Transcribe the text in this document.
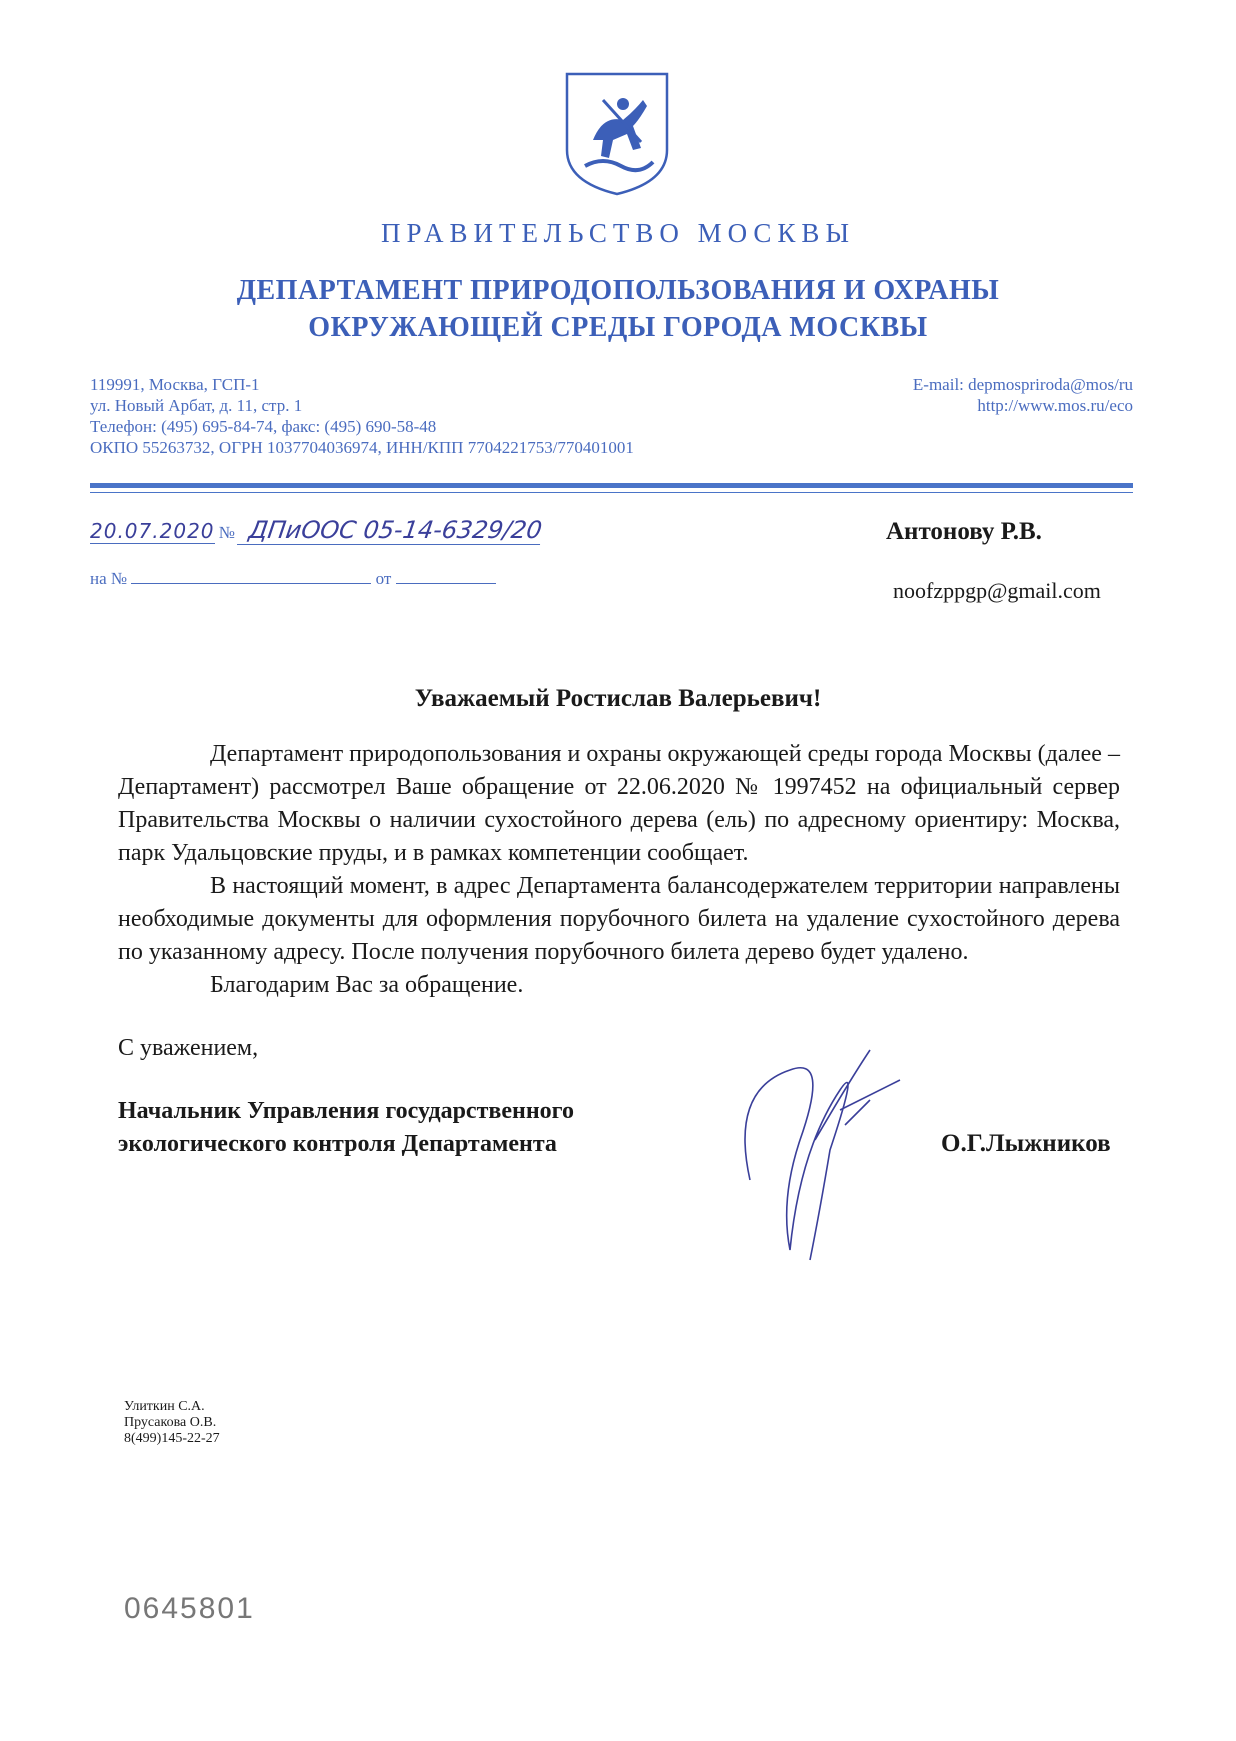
ПРАВИТЕЛЬСТВО МОСКВЫ
ДЕПАРТАМЕНТ ПРИРОДОПОЛЬЗОВАНИЯ И ОХРАНЫ
ОКРУЖАЮЩЕЙ СРЕДЫ ГОРОДА МОСКВЫ
119991, Москва, ГСП-1
ул. Новый Арбат, д. 11, стр. 1
Телефон: (495) 695-84-74, факс: (495) 690-58-48
ОКПО 55263732, ОГРН 1037704036974, ИНН/КПП 7704221753/770401001
E-mail: depmospriroda@mos/ru
http://www.mos.ru/eco
20.07.2020 № ДПиООС 05-14-6329/20
на №	от
Антонову Р.В.
noofzppgp@gmail.com
Уважаемый Ростислав Валерьевич!

Департамент природопользования и охраны окружающей среды города Москвы (далее – Департамент) рассмотрел Ваше обращение от 22.06.2020 № 1997452 на официальный сервер Правительства Москвы о наличии сухостойного дерева (ель) по адресному ориентиру: Москва, парк Удальцовские пруды, и в рамках компетенции сообщает.

В настоящий момент, в адрес Департамента балансодержателем территории направлены необходимые документы для оформления порубочного билета на удаление сухостойного дерева по указанному адресу. После получения порубочного билета дерево будет удалено.

Благодарим Вас за обращение.

С уважением,
Начальник Управления государственного
экологического контроля Департамента	О.Г.Лыжников
Улиткин С.А.
Прусакова О.В.
8(499)145-22-27
0645801
